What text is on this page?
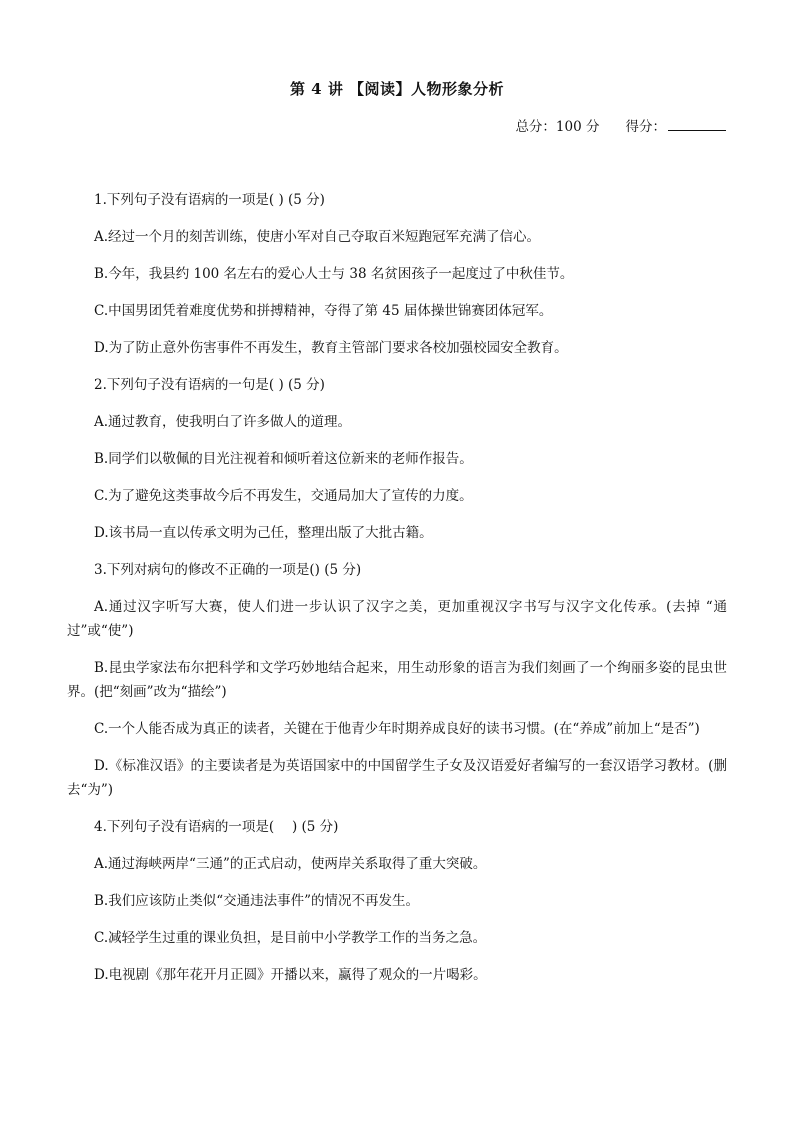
第 4 讲 【阅读】人物形象分析
总分：100 分 得分：

1.下列句子没有语病的一项是( ) (5 分)

A.经过一个月的刻苦训练，使唐小军对自己夺取百米短跑冠军充满了信心。

B.今年，我县约 100 名左右的爱心人士与 38 名贫困孩子一起度过了中秋佳节。

C.中国男团凭着难度优势和拼搏精神，夺得了第 45 届体操世锦赛团体冠军。

D.为了防止意外伤害事件不再发生，教育主管部门要求各校加强校园安全教育。

2.下列句子没有语病的一句是( ) (5 分)

A.通过教育，使我明白了许多做人的道理。

B.同学们以敬佩的目光注视着和倾听着这位新来的老师作报告。

C.为了避免这类事故今后不再发生，交通局加大了宣传的力度。

D.该书局一直以传承文明为己任，整理出版了大批古籍。

3.下列对病句的修改不正确的一项是() (5 分)

A.通过汉字听写大赛，使人们进一步认识了汉字之美，更加重视汉字书写与汉字文化传承。(去掉 “通过”或“使”)

B.昆虫学家法布尔把科学和文学巧妙地结合起来，用生动形象的语言为我们刻画了一个绚丽多姿的昆虫世界。(把“刻画”改为“描绘”)

C.一个人能否成为真正的读者，关键在于他青少年时期养成良好的读书习惯。(在“养成”前加上“是否”)

D.《标准汉语》的主要读者是为英语国家中的中国留学生子女及汉语爱好者编写的一套汉语学习教材。(删去“为”)

4.下列句子没有语病的一项是(　 ) (5 分)

A.通过海峡两岸“三通”的正式启动，使两岸关系取得了重大突破。

B.我们应该防止类似“交通违法事件”的情况不再发生。

C.减轻学生过重的课业负担，是目前中小学教学工作的当务之急。

D.电视剧《那年花开月正圆》开播以来，赢得了观众的一片喝彩。
